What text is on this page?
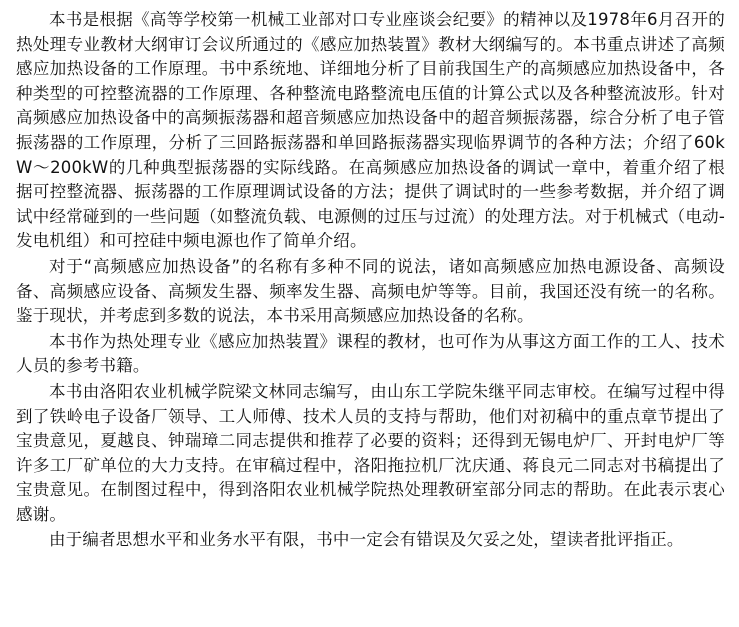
本书是根据《高等学校第一机械工业部对口专业座谈会纪要》的精神以及1978年6月召开的热处理专业教材大纲审订会议所通过的《感应加热装置》教材大纲编写的。本书重点讲述了高频感应加热设备的工作原理。书中系统地、详细地分析了目前我国生产的高频感应加热设备中，各种类型的可控整流器的工作原理、各种整流电路整流电压值的计算公式以及各种整流波形。针对高频感应加热设备中的高频振荡器和超音频感应加热设备中的超音频振荡器，综合分析了电子管振荡器的工作原理，分析了三回路振荡器和单回路振荡器实现临界调节的各种方法；介绍了60kW～200kW的几种典型振荡器的实际线路。在高频感应加热设备的调试一章中，着重介绍了根据可控整流器、振荡器的工作原理调试设备的方法；提供了调试时的一些参考数据，并介绍了调试中经常碰到的一些问题（如整流负载、电源侧的过压与过流）的处理方法。对于机械式（电动-发电机组）和可控硅中频电源也作了简单介绍。

对于“高频感应加热设备”的名称有多种不同的说法，诸如高频感应加热电源设备、高频设备、高频感应设备、高频发生器、频率发生器、高频电炉等等。目前，我国还没有统一的名称。鉴于现状，并考虑到多数的说法，本书采用高频感应加热设备的名称。

本书作为热处理专业《感应加热装置》课程的教材，也可作为从事这方面工作的工人、技术人员的参考书籍。

本书由洛阳农业机械学院梁文林同志编写，由山东工学院朱继平同志审校。在编写过程中得到了铁岭电子设备厂领导、工人师傅、技术人员的支持与帮助，他们对初稿中的重点章节提出了宝贵意见，夏越良、钟瑞璋二同志提供和推荐了必要的资料；还得到无锡电炉厂、开封电炉厂等许多工厂矿单位的大力支持。在审稿过程中，洛阳拖拉机厂沈庆通、蒋良元二同志对书稿提出了宝贵意见。在制图过程中，得到洛阳农业机械学院热处理教研室部分同志的帮助。在此表示衷心感谢。

由于编者思想水平和业务水平有限，书中一定会有错误及欠妥之处，望读者批评指正。
